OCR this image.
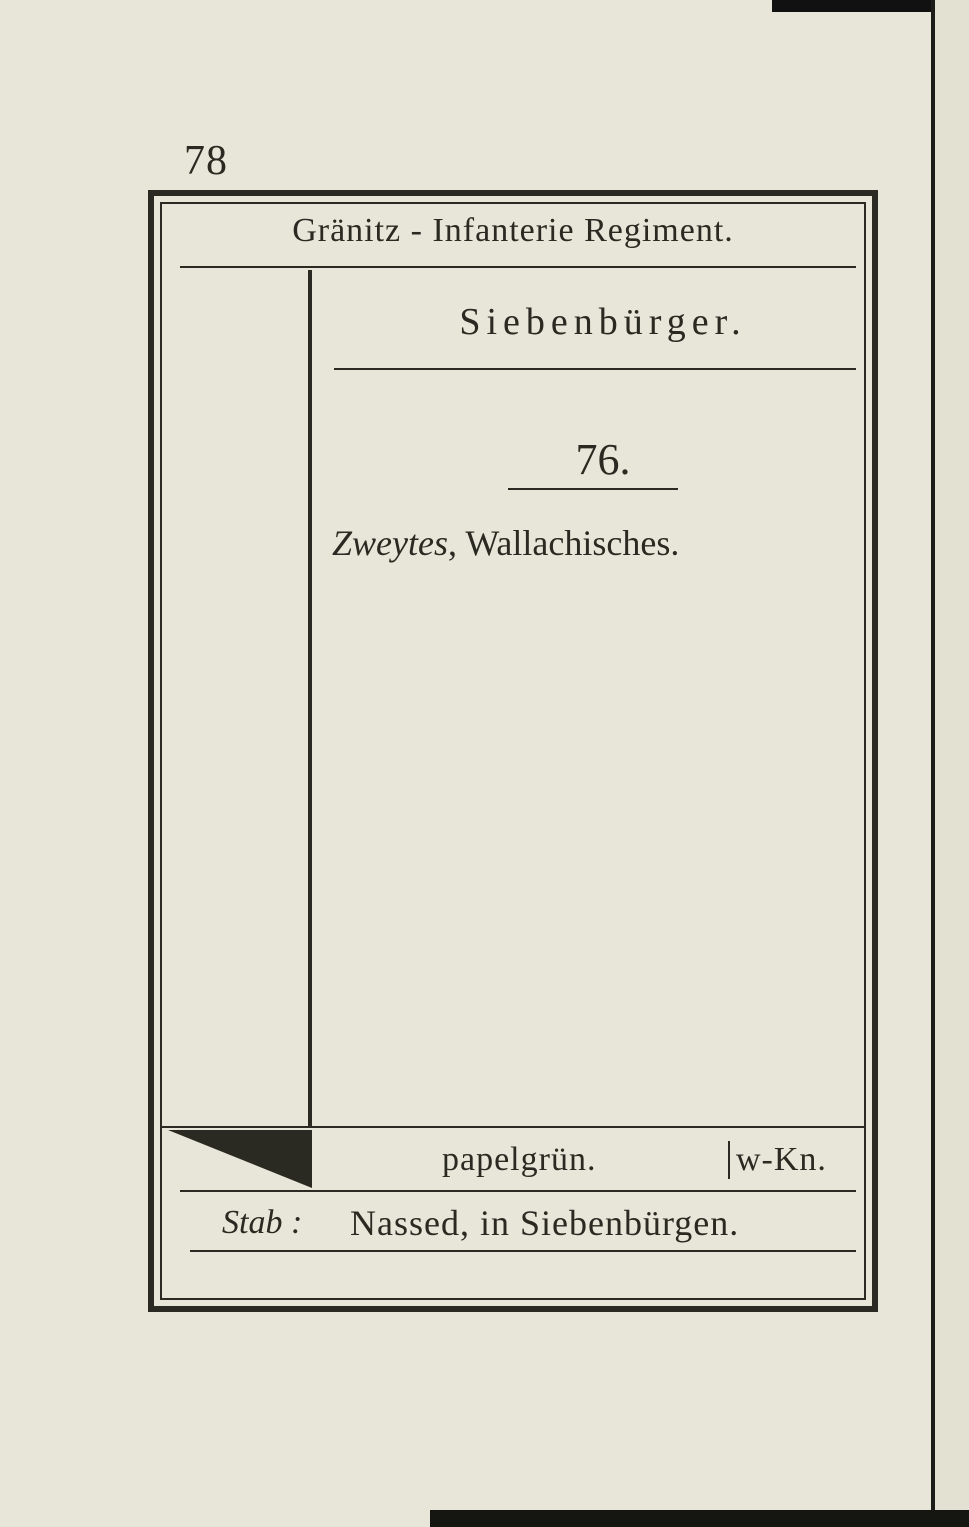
78
Gränitz - Infanterie Regiment.
Siebenbürger.
76.
Zweytes, Wallachisches.
papelgrün.	w-Kn.
Stab : Nassed, in Siebenbürgen.
